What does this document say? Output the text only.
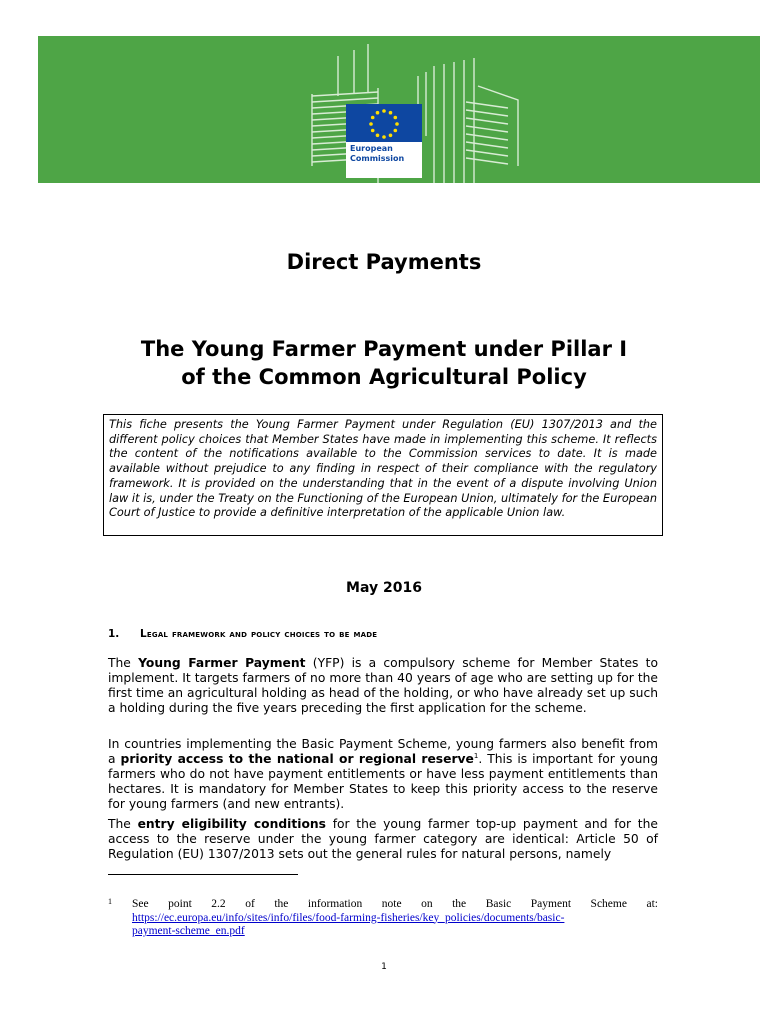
European
Commission
Direct Payments
The Young Farmer Payment under Pillar I
of the Common Agricultural Policy
This fiche presents the Young Farmer Payment under Regulation (EU) 1307/2013 and the different policy choices that Member States have made in implementing this scheme. It reflects the content of the notifications available to the Commission services to date. It is made available without prejudice to any finding in respect of their compliance with the regulatory framework. It is provided on the understanding that in the event of a dispute involving Union law it is, under the Treaty on the Functioning of the European Union, ultimately for the European Court of Justice to provide a definitive interpretation of the applicable Union law.
May 2016
1. Legal framework and policy choices to be made
The Young Farmer Payment (YFP) is a compulsory scheme for Member States to implement. It targets farmers of no more than 40 years of age who are setting up for the first time an agricultural holding as head of the holding, or who have already set up such a holding during the five years preceding the first application for the scheme.
In countries implementing the Basic Payment Scheme, young farmers also benefit from a priority access to the national or regional reserve$^1$. This is important for young farmers who do not have payment entitlements or have less payment entitlements than hectares. It is mandatory for Member States to keep this priority access to the reserve for young farmers (and new entrants).
The entry eligibility conditions for the young farmer top-up payment and for the access to the reserve under the young farmer category are identical: Article 50 of Regulation (EU) 1307/2013 sets out the general rules for natural persons, namely
1 See point 2.2 of the information note on the Basic Payment Scheme at:
https://ec.europa.eu/info/sites/info/files/food-farming-fisheries/key_policies/documents/basic-
payment-scheme_en.pdf
1
